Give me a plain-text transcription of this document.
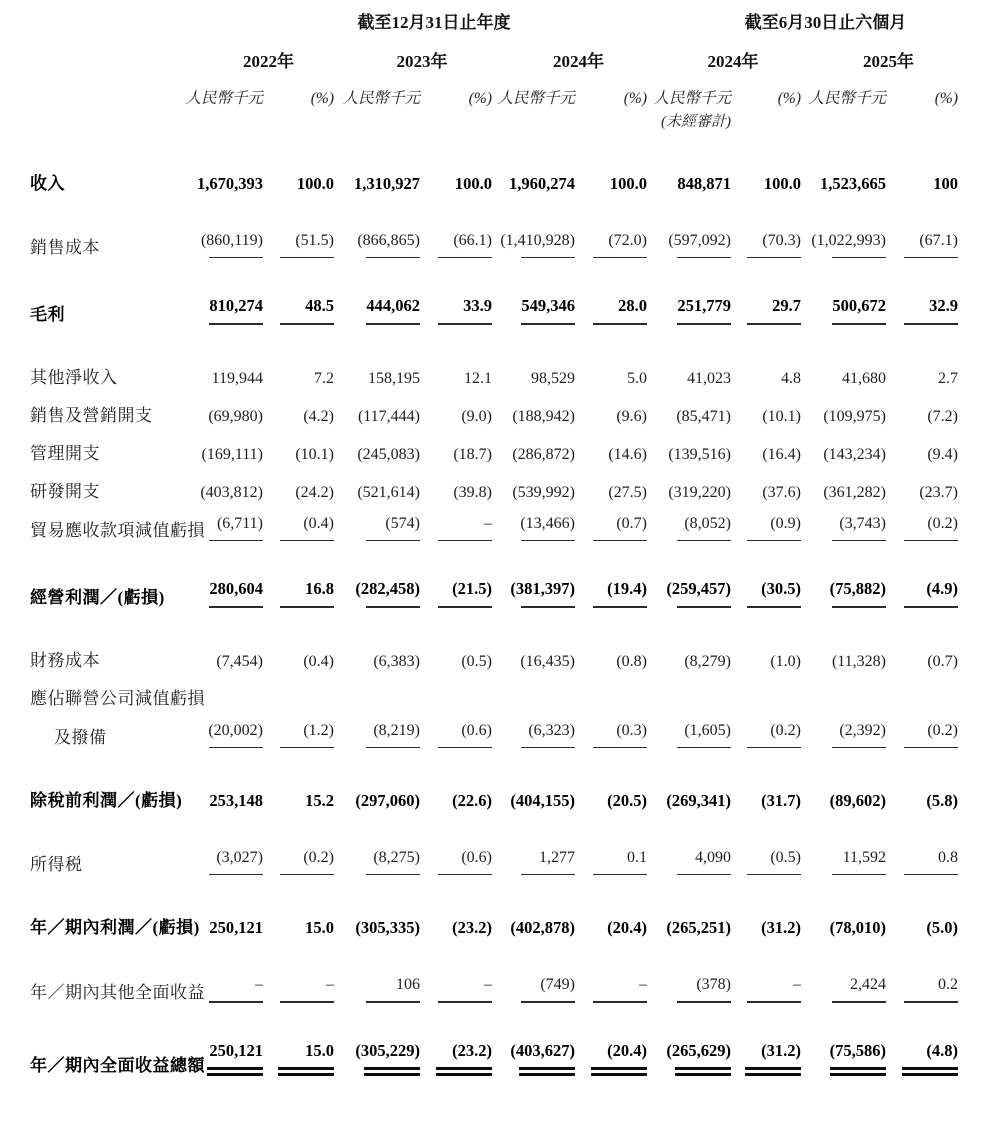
	截至12月31日止年度						截至6月30日止六個月			
	2022年		2023年		2024年		2024年		2025年	
	人民幣千元	(%)	人民幣千元	(%)	人民幣千元	(%)	人民幣千元	(%)	人民幣千元	(%)
							(未經審計)			
收入	1,670,393	100.0	1,310,927	100.0	1,960,274	100.0	848,871	100.0	1,523,665	100
銷售成本	(860,119)	(51.5)	(866,865)	(66.1)	(1,410,928)	(72.0)	(597,092)	(70.3)	(1,022,993)	(67.1)

毛利	810,274	48.5	444,062	33.9	549,346	28.0	251,779	29.7	500,672	32.9

其他淨收入	119,944	7.2	158,195	12.1	98,529	5.0	41,023	4.8	41,680	2.7
銷售及營銷開支	(69,980)	(4.2)	(117,444)	(9.0)	(188,942)	(9.6)	(85,471)	(10.1)	(109,975)	(7.2)
管理開支	(169,111)	(10.1)	(245,083)	(18.7)	(286,872)	(14.6)	(139,516)	(16.4)	(143,234)	(9.4)
研發開支	(403,812)	(24.2)	(521,614)	(39.8)	(539,992)	(27.5)	(319,220)	(37.6)	(361,282)	(23.7)
貿易應收款項減值虧損	(6,711)	(0.4)	(574)	–	(13,466)	(0.7)	(8,052)	(0.9)	(3,743)	(0.2)

經營利潤／(虧損)	280,604	16.8	(282,458)	(21.5)	(381,397)	(19.4)	(259,457)	(30.5)	(75,882)	(4.9)

財務成本	(7,454)	(0.4)	(6,383)	(0.5)	(16,435)	(0.8)	(8,279)	(1.0)	(11,328)	(0.7)
應佔聯營公司減值虧損										
及撥備	(20,002)	(1.2)	(8,219)	(0.6)	(6,323)	(0.3)	(1,605)	(0.2)	(2,392)	(0.2)

除稅前利潤／(虧損)	253,148	15.2	(297,060)	(22.6)	(404,155)	(20.5)	(269,341)	(31.7)	(89,602)	(5.8)
所得税	(3,027)	(0.2)	(8,275)	(0.6)	1,277	0.1	4,090	(0.5)	11,592	0.8

年／期內利潤／(虧損)	250,121	15.0	(305,335)	(23.2)	(402,878)	(20.4)	(265,251)	(31.2)	(78,010)	(5.0)
年／期內其他全面收益	–	–	106	–	(749)	–	(378)	–	2,424	0.2

年／期內全面收益總額	250,121	15.0	(305,229)	(23.2)	(403,627)	(20.4)	(265,629)	(31.2)	(75,586)	(4.8)
